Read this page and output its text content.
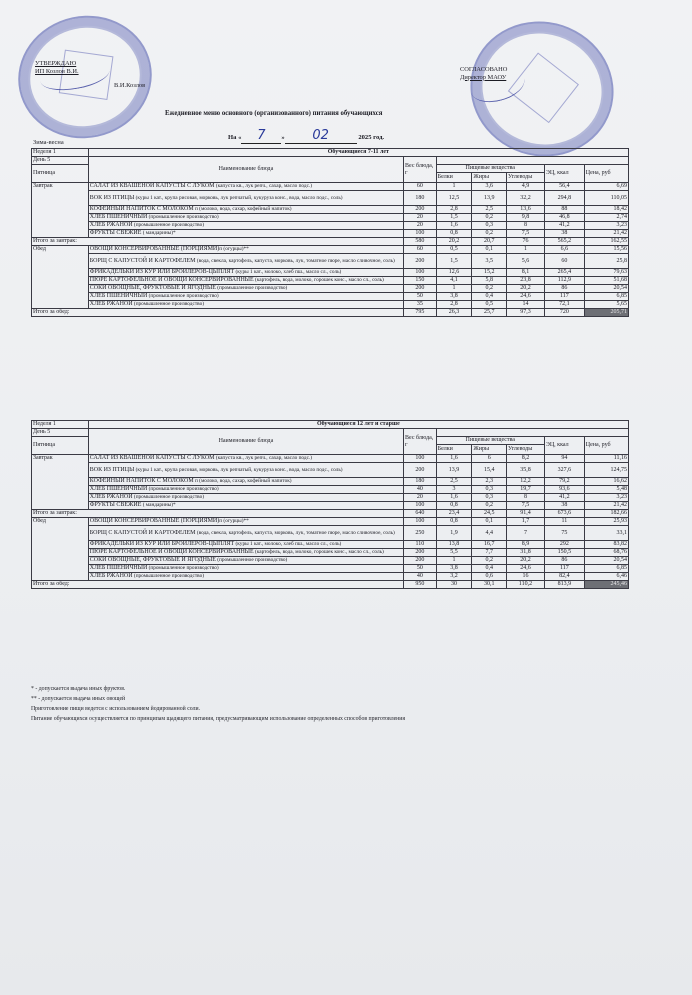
УТВЕРЖДАЮ
ИП Козлов В.И.
В.И.Козлов
СОГЛАСОВАНО
Директор МАОУ
Ежедневное меню основного (организованного) питания обучающихся
На « 7 » 02	2025 год.
Зима-весна
Неделя 1	Обучающиеся 7-11 лет						
День 5	Наименование блюда	Вес блюда, г					
Пятница			Пищевые вещества			ЭЦ, ккал	Цена, руб
			Белки	Жиры	Углеводы		
Завтрак	САЛАТ ИЗ КВАШЕНОЙ КАПУСТЫ С ЛУКОМ (капуста кв., лук репч., сахар, масло подс.)	60	1	3,6	4,9	56,4	6,69
	ВОК ИЗ ПТИЦЫ (куры 1 кат., крупа рисовая, морковь, лук репчатый, кукуруза конс., вода, масло подс., соль)	180	12,5	13,9	32,2	294,8	110,05
	КОФЕЙНЫЙ НАПИТОК С МОЛОКОМ п (молоко, вода, сахар, кофейный напиток)	200	2,8	2,5	13,6	88	18,42
	ХЛЕБ ПШЕНИЧНЫЙ (промышленное производство)	20	1,5	0,2	9,8	46,8	2,74
	ХЛЕБ РЖАНОЙ (промышленное производство)	20	1,6	0,3	8	41,2	3,23
	ФРУКТЫ СВЕЖИЕ ( мандарины)*	100	0,8	0,2	7,5	38	21,42
Итого за завтрак:		580	20,2	20,7	76	565,2	162,55
Обед	ОВОЩИ КОНСЕРВИРОВАННЫЕ (ПОРЦИЯМИ)п (огурцы)**	60	0,5	0,1	1	6,6	15,56
	БОРЩ С КАПУСТОЙ И КАРТОФЕЛЕМ (вода, свекла, картофель, капуста, морковь, лук, томатное пюре, масло сливочное, соль)	200	1,5	3,5	5,6	60	25,8
	ФРИКАДЕЛЬКИ ИЗ КУР ИЛИ БРОЙЛЕРОВ-ЦЫПЛЯТ (куры 1 кат., молоко, хлеб пш., масло сл., соль)	100	12,6	15,2	8,1	265,4	79,63
	ПЮРЕ КАРТОФЕЛЬНОЕ И ОВОЩИ КОНСЕРВИРОВАННЫЕ (картофель, вода, молоко, горошек конс., масло сл., соль)	150	4,1	5,8	23,8	112,9	51,68
	СОКИ ОВОЩНЫЕ, ФРУКТОВЫЕ И ЯГОДНЫЕ (промышленное производство)	200	1	0,2	20,2	86	20,54
	ХЛЕБ ПШЕНИЧНЫЙ (промышленное производство)	50	3,8	0,4	24,6	117	6,85
	ХЛЕБ РЖАНОЙ (промышленное производство)	35	2,8	0,5	14	72,1	5,65
Итого за обед:		795	26,3	25,7	97,3	720	205,71
Неделя 1	Обучающиеся 12 лет и старше						
День 5	Наименование блюда	Вес блюда, г					
Пятница			Пищевые вещества			ЭЦ, ккал	Цена, руб
			Белки	Жиры	Углеводы		
Завтрак	САЛАТ ИЗ КВАШЕНОЙ КАПУСТЫ С ЛУКОМ (капуста кв., лук репч., сахар, масло подс.)	100	1,6	6	8,2	94	11,16
	ВОК ИЗ ПТИЦЫ (куры 1 кат., крупа рисовая, морковь, лук репчатый, кукуруза конс., вода, масло подс., соль)	200	13,9	15,4	35,8	327,6	124,75
	КОФЕЙНЫЙ НАПИТОК С МОЛОКОМ п (молоко, вода, сахар, кофейный напиток)	180	2,5	2,3	12,2	79,2	16,62
	ХЛЕБ ПШЕНИЧНЫЙ (промышленное производство)	40	3	0,3	19,7	93,6	5,48
	ХЛЕБ РЖАНОЙ (промышленное производство)	20	1,6	0,3	8	41,2	3,23
	ФРУКТЫ СВЕЖИЕ ( мандарины)*	100	0,8	0,2	7,5	38	21,42
Итого за завтрак:		640	23,4	24,5	91,4	673,6	182,66
Обед	ОВОЩИ КОНСЕРВИРОВАННЫЕ (ПОРЦИЯМИ)п (огурцы)**	100	0,8	0,1	1,7	11	25,93
	БОРЩ С КАПУСТОЙ И КАРТОФЕЛЕМ (вода, свекла, картофель, капуста, морковь, лук, томатное пюре, масло сливочное, соль)	250	1,9	4,4	7	75	33,1
	ФРИКАДЕЛЬКИ ИЗ КУР ИЛИ БРОЙЛЕРОВ-ЦЫПЛЯТ (куры 1 кат., молоко, хлеб пш., масло сл., соль)	110	13,8	16,7	8,9	292	83,82
	ПЮРЕ КАРТОФЕЛЬНОЕ И ОВОЩИ КОНСЕРВИРОВАННЫЕ (картофель, вода, молоко, горошек конс., масло сл., соль)	200	5,5	7,7	31,8	150,5	68,76
	СОКИ ОВОЩНЫЕ, ФРУКТОВЫЕ И ЯГОДНЫЕ (промышленное производство)	200	1	0,2	20,2	86	20,54
	ХЛЕБ ПШЕНИЧНЫЙ (промышленное производство)	50	3,8	0,4	24,6	117	6,85
	ХЛЕБ РЖАНОЙ (промышленное производство)	40	3,2	0,6	16	82,4	6,46
Итого за обед:		950	30	30,1	110,2	813,9	245,46
* - допускается выдача иных фруктов.
** - допускается выдача иных овощей
Приготовление пищи ведется с использованием йодированной соли.
Питание обучающихся осуществляется по принципам щадящего питания, предусматривающим использование определенных способов приготовления
